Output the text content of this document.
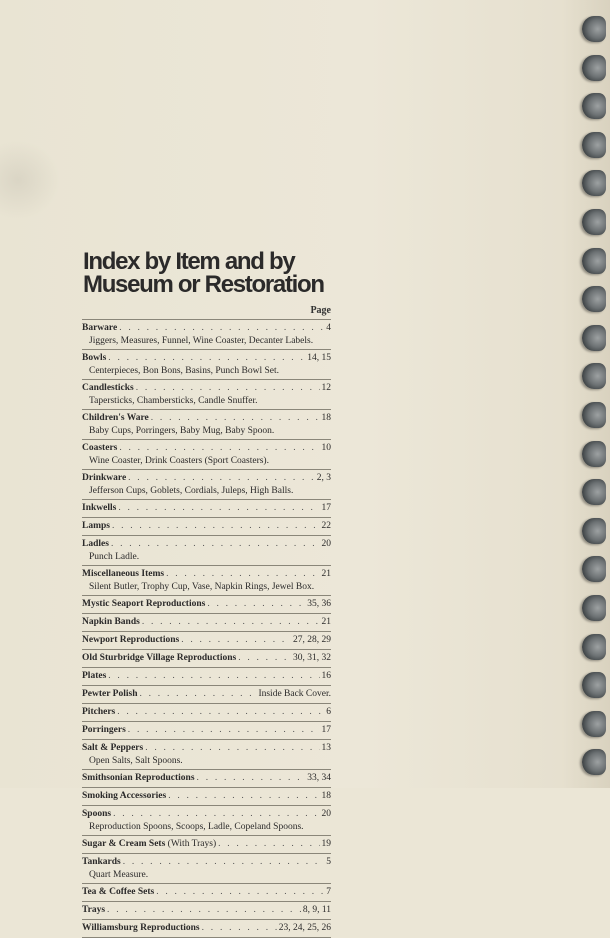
Index by Item and by
Museum or Restoration
Page
Barware . . .	4
Jiggers, Measures, Funnel, Wine Coaster, Decanter Labels.
Bowls . . .	14, 15
Centerpieces, Bon Bons, Basins, Punch Bowl Set.
Candlesticks . . .	12
Tapersticks, Chambersticks, Candle Snuffer.
Children's Ware . . .	18
Baby Cups, Porringers, Baby Mug, Baby Spoon.
Coasters . . .	10
Wine Coaster, Drink Coasters (Sport Coasters).
Drinkware . . .	2, 3
Jefferson Cups, Goblets, Cordials, Juleps, High Balls.
Inkwells . . .	17
Lamps . . .	22
Ladles . . .	20
Punch Ladle.
Miscellaneous Items . . .	21
Silent Butler, Trophy Cup, Vase, Napkin Rings, Jewel Box.
Mystic Seaport Reproductions . . .	35, 36
Napkin Bands . . .	21
Newport Reproductions . . .	27, 28, 29
Old Sturbridge Village Reproductions . . .	30, 31, 32
Plates . . .	16
Pewter Polish . . .	Inside Back Cover.
Pitchers . . .	6
Porringers . . .	17
Salt & Peppers . . .	13
Open Salts, Salt Spoons.
Smithsonian Reproductions . . .	33, 34
Smoking Accessories . . .	18
Spoons . . .	20
Reproduction Spoons, Scoops, Ladle, Copeland Spoons.
Sugar & Cream Sets (With Trays) . . .	19
Tankards . . .	5
Quart Measure.
Tea & Coffee Sets . . .	7
Trays . . .	8, 9, 11
Williamsburg Reproductions . . .	23, 24, 25, 26
